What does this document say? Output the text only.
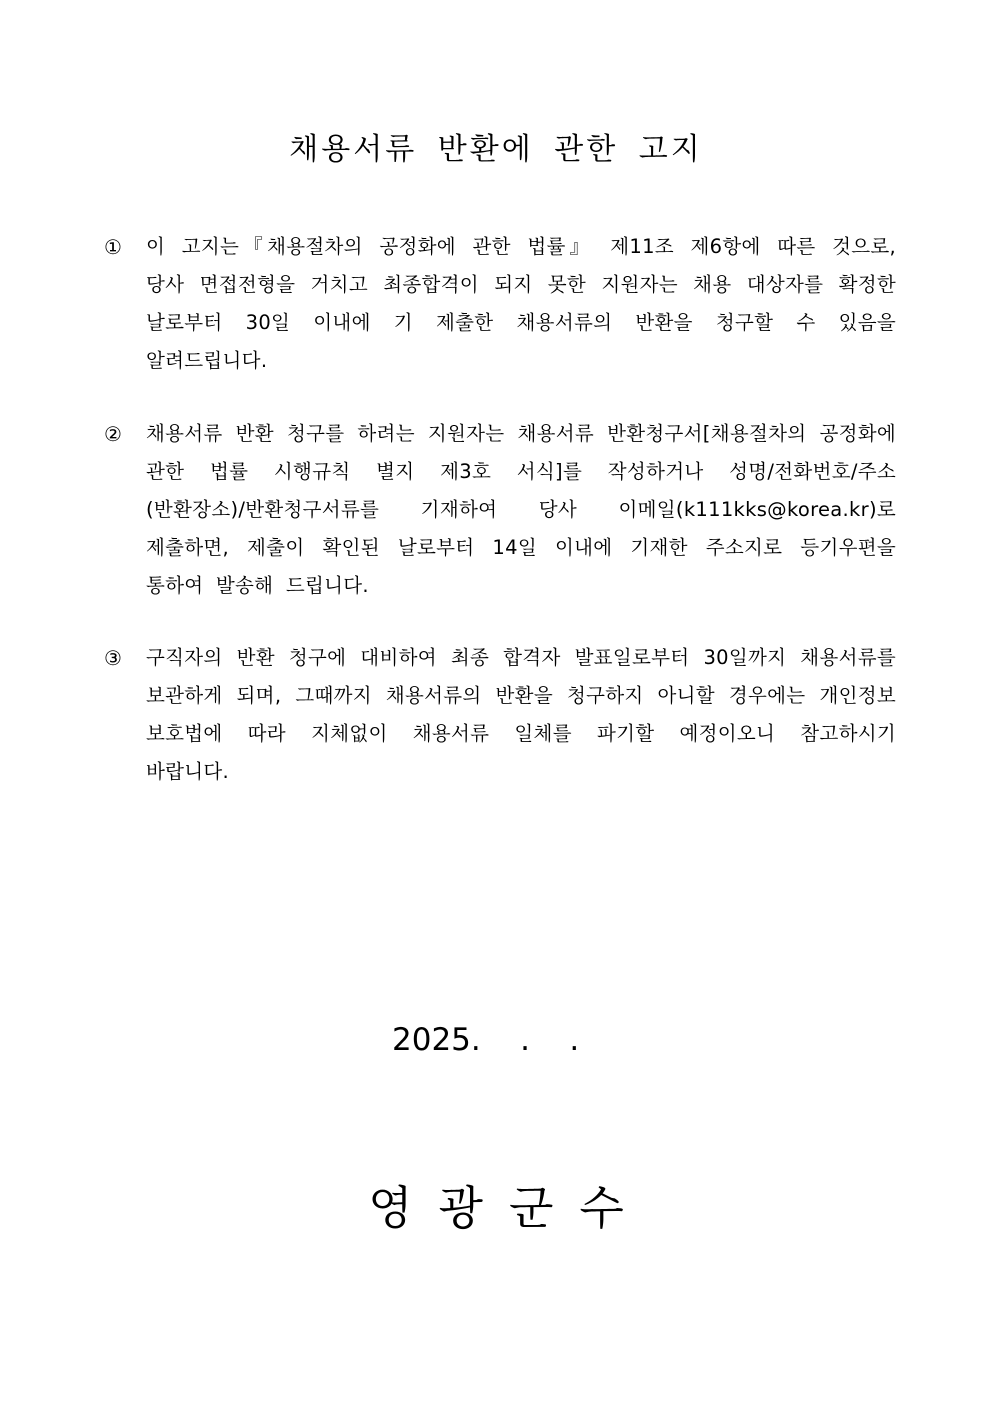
채용서류 반환에 관한 고지
①	이 고지는『채용절차의 공정화에 관한 법률』 제11조 제6항에 따른 것으로, 당사 면접전형을 거치고 최종합격이 되지 못한 지원자는 채용 대상자를 확정한 날로부터 30일 이내에 기 제출한 채용서류의 반환을 청구할 수 있음을 알려드립니다.
②	채용서류 반환 청구를 하려는 지원자는 채용서류 반환청구서[채용절차의 공정화에 관한 법률 시행규칙 별지 제3호 서식]를 작성하거나 성명/전화번호/주소(반환장소)/반환청구서류를 기재하여 당사 이메일(k111kks@korea.kr)로 제출하면, 제출이 확인된 날로부터 14일 이내에 기재한 주소지로 등기우편을 통하여 발송해 드립니다.
③	구직자의 반환 청구에 대비하여 최종 합격자 발표일로부터 30일까지 채용서류를 보관하게 되며, 그때까지 채용서류의 반환을 청구하지 아니할 경우에는 개인정보 보호법에 따라 지체없이 채용서류 일체를 파기할 예정이오니 참고하시기 바랍니다.
2025.    .    .
영광군수
